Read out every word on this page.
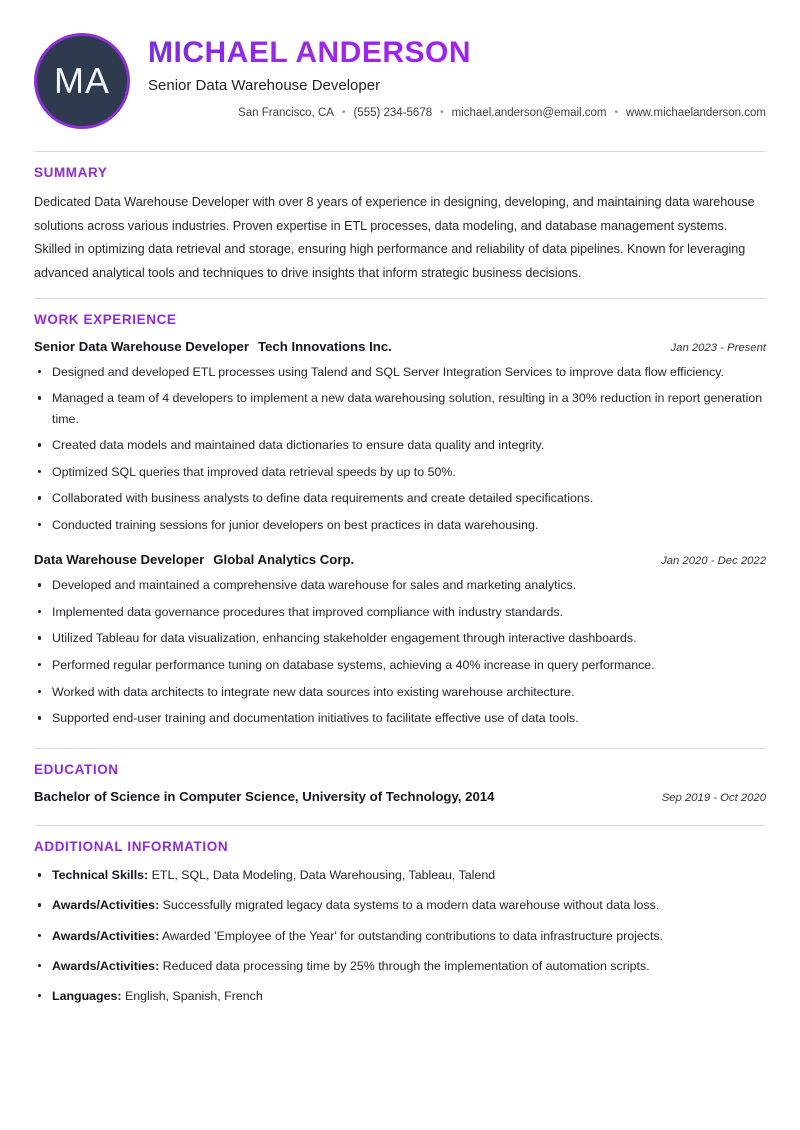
MA
MICHAEL ANDERSON
Senior Data Warehouse Developer
San Francisco, CA • (555) 234-5678 • michael.anderson@email.com • www.michaelanderson.com
SUMMARY

Dedicated Data Warehouse Developer with over 8 years of experience in designing, developing, and maintaining data warehouse solutions across various industries. Proven expertise in ETL processes, data modeling, and database management systems. Skilled in optimizing data retrieval and storage, ensuring high performance and reliability of data pipelines. Known for leveraging advanced analytical tools and techniques to drive insights that inform strategic business decisions.

WORK EXPERIENCE
Senior Data Warehouse Developer Tech Innovations Inc.	Jan 2023 - Present
Designed and developed ETL processes using Talend and SQL Server Integration Services to improve data flow efficiency.
Managed a team of 4 developers to implement a new data warehousing solution, resulting in a 30% reduction in report generation time.
Created data models and maintained data dictionaries to ensure data quality and integrity.
Optimized SQL queries that improved data retrieval speeds by up to 50%.
Collaborated with business analysts to define data requirements and create detailed specifications.
Conducted training sessions for junior developers on best practices in data warehousing.
Data Warehouse Developer Global Analytics Corp.	Jan 2020 - Dec 2022
Developed and maintained a comprehensive data warehouse for sales and marketing analytics.
Implemented data governance procedures that improved compliance with industry standards.
Utilized Tableau for data visualization, enhancing stakeholder engagement through interactive dashboards.
Performed regular performance tuning on database systems, achieving a 40% increase in query performance.
Worked with data architects to integrate new data sources into existing warehouse architecture.
Supported end-user training and documentation initiatives to facilitate effective use of data tools.
EDUCATION
Bachelor of Science in Computer Science, University of Technology, 2014	Sep 2019 - Oct 2020
ADDITIONAL INFORMATION
Technical Skills: ETL, SQL, Data Modeling, Data Warehousing, Tableau, Talend
Awards/Activities: Successfully migrated legacy data systems to a modern data warehouse without data loss.
Awards/Activities: Awarded 'Employee of the Year' for outstanding contributions to data infrastructure projects.
Awards/Activities: Reduced data processing time by 25% through the implementation of automation scripts.
Languages: English, Spanish, French
